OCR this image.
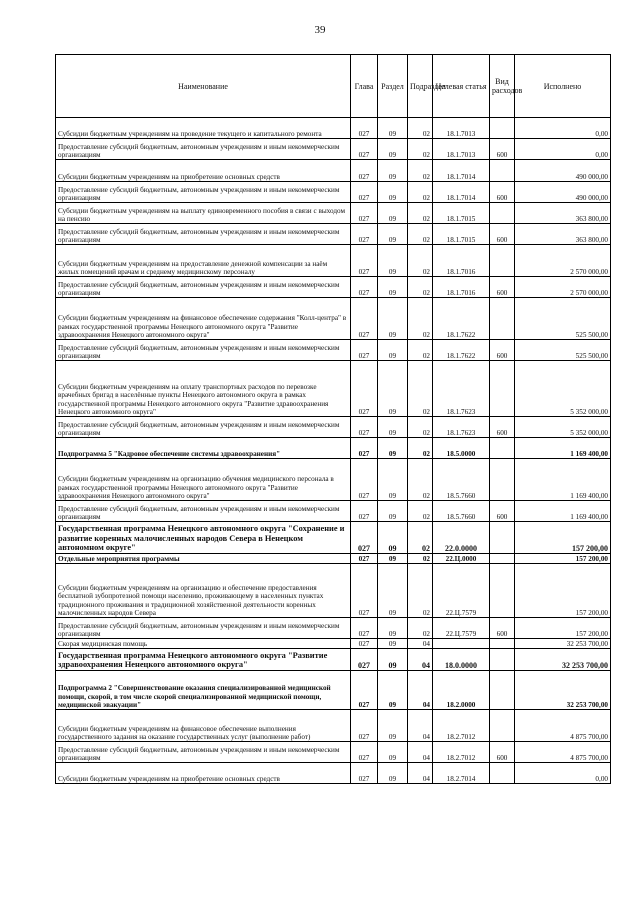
39
Наименование	Глава	Раздел	Подраздел	Целевая статья	Вид расходов	Исполнено
Субсидии бюджетным учреждениям на проведение текущего и капитального ремонта	027	09	02	18.1.7013		0,00
Предоставление субсидий бюджетным, автономным учреждениям и иным некоммерческим организациям	027	09	02	18.1.7013	600	0,00
Субсидии бюджетным учреждениям на приобретение основных средств	027	09	02	18.1.7014		490 000,00
Предоставление субсидий бюджетным, автономным учреждениям и иным некоммерческим организациям	027	09	02	18.1.7014	600	490 000,00
Субсидии бюджетным учреждениям на выплату единовременного пособия в связи с выходом на пенсию	027	09	02	18.1.7015		363 800,00
Предоставление субсидий бюджетным, автономным учреждениям и иным некоммерческим организациям	027	09	02	18.1.7015	600	363 800,00
Субсидии бюджетным учреждениям на предоставление денежной компенсации за наём жилых помещений врачам и среднему медицинскому персоналу	027	09	02	18.1.7016		2 570 000,00
Предоставление субсидий бюджетным, автономным учреждениям и иным некоммерческим организациям	027	09	02	18.1.7016	600	2 570 000,00
Субсидии бюджетным учреждениям на финансовое обеспечение содержания "Колл-центра" в рамках государственной программы Ненецкого автономного округа "Развитие здравоохранения Ненецкого автономного округа"	027	09	02	18.1.7622		525 500,00
Предоставление субсидий бюджетным, автономным учреждениям и иным некоммерческим организациям	027	09	02	18.1.7622	600	525 500,00
Субсидии бюджетным учреждениям на оплату транспортных расходов по перевозке врачебных бригад в населённые пункты Ненецкого автономного округа в рамках государственной программы Ненецкого автономного округа "Развитие здравоохранения Ненецкого автономного округа"	027	09	02	18.1.7623		5 352 000,00
Предоставление субсидий бюджетным, автономным учреждениям и иным некоммерческим организациям	027	09	02	18.1.7623	600	5 352 000,00
Подпрограмма 5 "Кадровое обеспечение системы здравоохранения"	027	09	02	18.5.0000		1 169 400,00
Субсидии бюджетным учреждениям на организацию обучения медицинского персонала в рамках государственной программы Ненецкого автономного округа "Развитие здравоохранения Ненецкого автономного округа"	027	09	02	18.5.7660		1 169 400,00
Предоставление субсидий бюджетным, автономным учреждениям и иным некоммерческим организациям	027	09	02	18.5.7660	600	1 169 400,00
Государственная программа Ненецкого автономного округа "Сохранение и развитие коренных малочисленных народов Севера в Ненецком автономном округе"	027	09	02	22.0.0000		157 200,00
Отдельные мероприятия программы	027	09	02	22.Ц.0000		157 200,00
Субсидии бюджетным учреждениям на организацию и обеспечение предоставления бесплатной зубопротезной помощи населению, проживающему в населенных пунктах традиционного проживания и традиционной хозяйственной деятельности коренных малочисленных народов Севера	027	09	02	22.Ц.7579		157 200,00
Предоставление субсидий бюджетным, автономным учреждениям и иным некоммерческим организациям	027	09	02	22.Ц.7579	600	157 200,00
Скорая медицинская помощь	027	09	04			32 253 700,00
Государственная программа Ненецкого автономного округа "Развитие здравоохранения Ненецкого автономного округа"	027	09	04	18.0.0000		32 253 700,00
Подпрограмма 2 "Совершенствование оказания специализированной медицинской помощи, скорой, в том числе скорой специализированной медицинской помощи, медицинской эвакуации"	027	09	04	18.2.0000		32 253 700,00
Субсидии бюджетным учреждениям на финансовое обеспечение выполнения государственного задания на оказание государственных услуг (выполнение работ)	027	09	04	18.2.7012		4 875 700,00
Предоставление субсидий бюджетным, автономным учреждениям и иным некоммерческим организациям	027	09	04	18.2.7012	600	4 875 700,00
Субсидии бюджетным учреждениям на приобретение основных средств	027	09	04	18.2.7014		0,00
